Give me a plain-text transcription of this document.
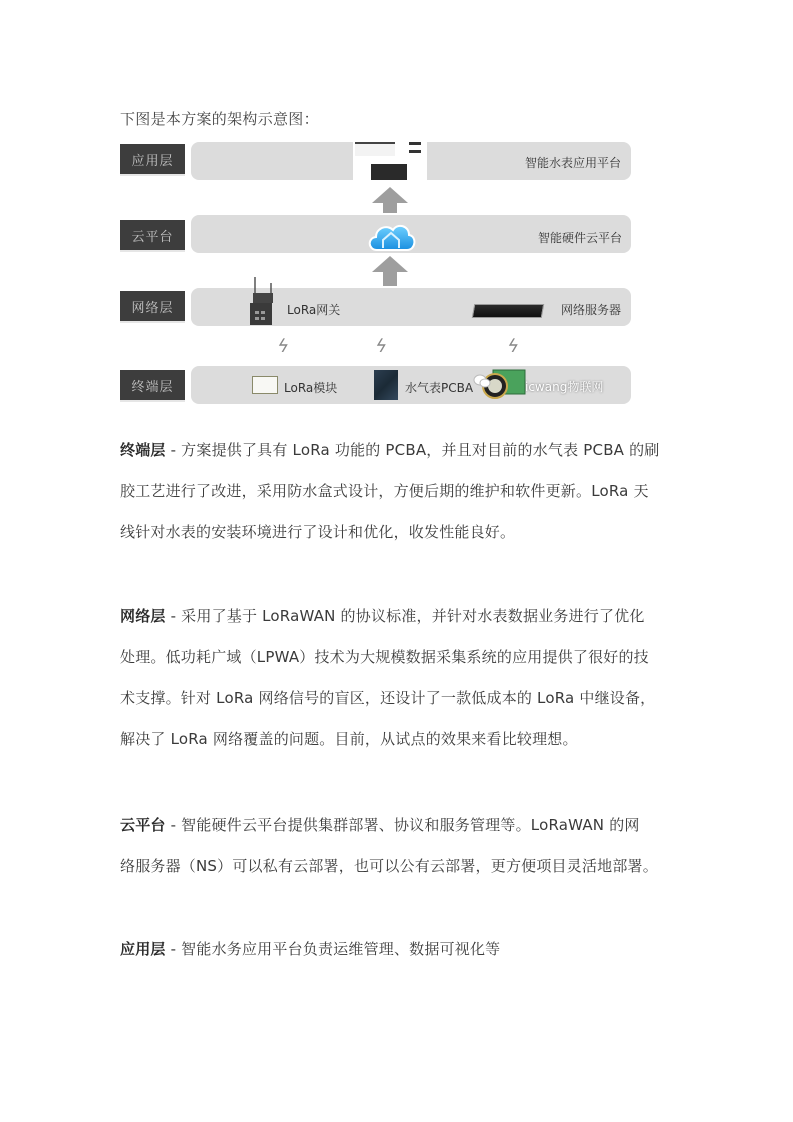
下图是本方案的架构示意图：
应用层	智能水表应用平台
云平台	智能硬件云平台
网络层	LoRa网关	网络服务器
ϟ	ϟ	ϟ
终端层	LoRa模块	水气表PCBA	icwang物联网
终端层 - 方案提供了具有 LoRa 功能的 PCBA，并且对目前的水气表 PCBA 的刷
胶工艺进行了改进，采用防水盒式设计，方便后期的维护和软件更新。LoRa 天
线针对水表的安装环境进行了设计和优化，收发性能良好。
网络层 - 采用了基于 LoRaWAN 的协议标准，并针对水表数据业务进行了优化
处理。低功耗广域（LPWA）技术为大规模数据采集系统的应用提供了很好的技
术支撑。针对 LoRa 网络信号的盲区，还设计了一款低成本的 LoRa 中继设备，
解决了 LoRa 网络覆盖的问题。目前，从试点的效果来看比较理想。
云平台 - 智能硬件云平台提供集群部署、协议和服务管理等。LoRaWAN 的网
络服务器（NS）可以私有云部署，也可以公有云部署，更方便项目灵活地部署。
应用层 - 智能水务应用平台负责运维管理、数据可视化等
